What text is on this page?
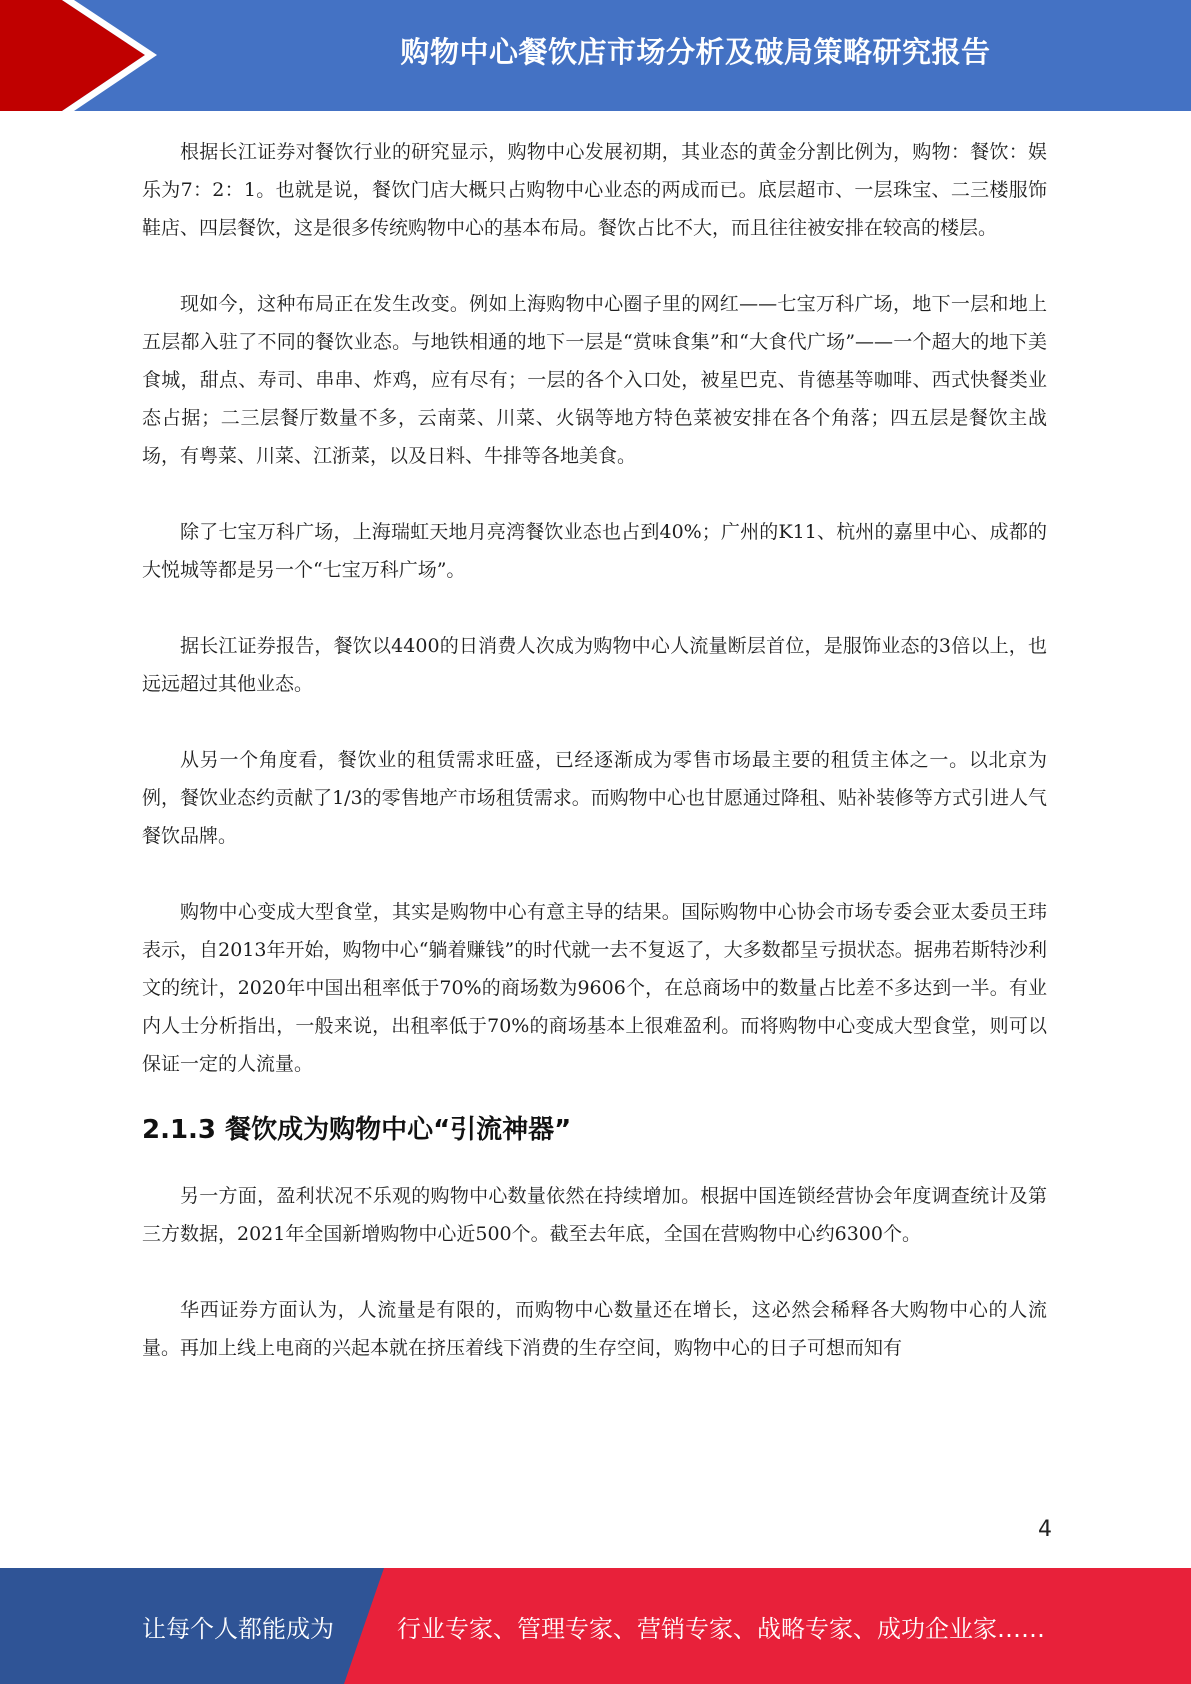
购物中心餐饮店市场分析及破局策略研究报告

根据长江证券对餐饮行业的研究显示，购物中心发展初期，其业态的黄金分割比例为，购物：餐饮：娱乐为7：2：1。也就是说，餐饮门店大概只占购物中心业态的两成而已。底层超市、一层珠宝、二三楼服饰鞋店、四层餐饮，这是很多传统购物中心的基本布局。餐饮占比不大，而且往往被安排在较高的楼层。

现如今，这种布局正在发生改变。例如上海购物中心圈子里的网红——七宝万科广场，地下一层和地上五层都入驻了不同的餐饮业态。与地铁相通的地下一层是“赏味食集”和“大食代广场”——一个超大的地下美食城，甜点、寿司、串串、炸鸡，应有尽有；一层的各个入口处，被星巴克、肯德基等咖啡、西式快餐类业态占据；二三层餐厅数量不多，云南菜、川菜、火锅等地方特色菜被安排在各个角落；四五层是餐饮主战场，有粤菜、川菜、江浙菜，以及日料、牛排等各地美食。

除了七宝万科广场，上海瑞虹天地月亮湾餐饮业态也占到40%；广州的K11、杭州的嘉里中心、成都的大悦城等都是另一个“七宝万科广场”。

据长江证券报告，餐饮以4400的日消费人次成为购物中心人流量断层首位，是服饰业态的3倍以上，也远远超过其他业态。

从另一个角度看，餐饮业的租赁需求旺盛，已经逐渐成为零售市场最主要的租赁主体之一。以北京为例，餐饮业态约贡献了1/3的零售地产市场租赁需求。而购物中心也甘愿通过降租、贴补装修等方式引进人气餐饮品牌。

购物中心变成大型食堂，其实是购物中心有意主导的结果。国际购物中心协会市场专委会亚太委员王玮表示，自2013年开始，购物中心“躺着赚钱”的时代就一去不复返了，大多数都呈亏损状态。据弗若斯特沙利文的统计，2020年中国出租率低于70%的商场数为9606个，在总商场中的数量占比差不多达到一半。有业内人士分析指出，一般来说，出租率低于70%的商场基本上很难盈利。而将购物中心变成大型食堂，则可以保证一定的人流量。

2.1.3 餐饮成为购物中心“引流神器”

另一方面，盈利状况不乐观的购物中心数量依然在持续增加。根据中国连锁经营协会年度调查统计及第三方数据，2021年全国新增购物中心近500个。截至去年底，全国在营购物中心约6300个。

华西证券方面认为，人流量是有限的，而购物中心数量还在增长，这必然会稀释各大购物中心的人流量。再加上线上电商的兴起本就在挤压着线下消费的生存空间，购物中心的日子可想而知有

4
让每个人都能成为	行业专家、管理专家、营销专家、战略专家、成功企业家……
